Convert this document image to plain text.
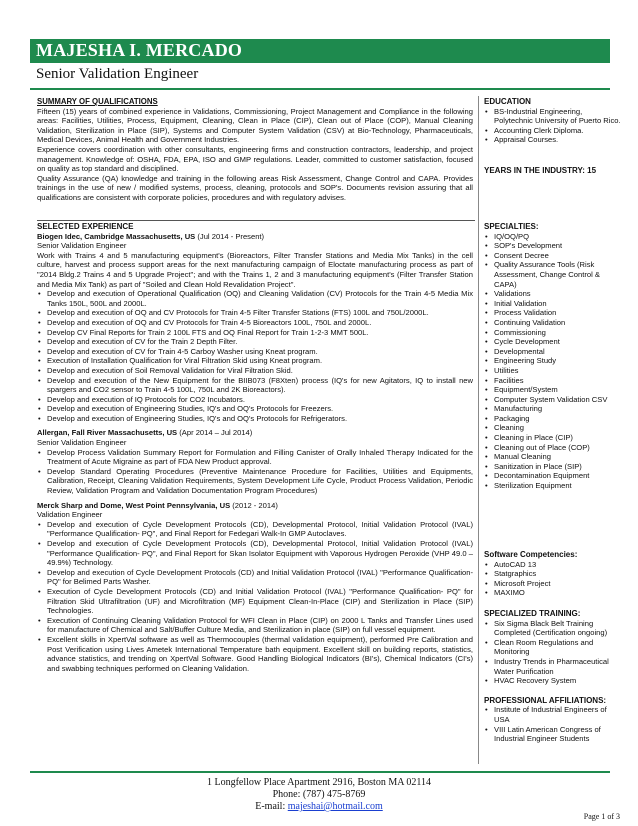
MAJESHA I. MERCADO
Senior Validation Engineer
SUMMARY OF QUALIFICATIONS

Fifteen (15) years of combined experience in Validations, Commissioning, Project Management and Compliance in the following areas: Facilities, Utilities, Process, Equipment, Cleaning, Clean in Place (CIP), Clean out of Place (COP), Manual Cleaning Validation, Sterilization in Place (SIP), Systems and Computer System Validation (CSV) at Bio-Technology, Pharmaceuticals, Medical Devices, Animal Health and Government Industries.

Experience covers coordination with other consultants, engineering firms and construction contractors, leadership, and project management. Knowledge of: OSHA, FDA, EPA, ISO and GMP regulations. Leader, committed to customer satisfaction, focused on quality as top standard and disciplined.

Quality Assurance (QA) knowledge and training in the following areas Risk Assessment, Change Control and CAPA. Provides trainings in the use of new / modified systems, process, cleaning, protocols and SOP's. Documents revision assuring that all qualifications are consistent with corporate policies, procedures and with regulatory advises.

SELECTED EXPERIENCE

Biogen Idec, Cambridge Massachusetts, US (Jul 2014 - Present)

Senior Validation Engineer

Work with Trains 4 and 5 manufacturing equipment's (Bioreactors, Filter Transfer Stations and Media Mix Tanks) in the cell culture, harvest and process support areas for the next manufacturing campaign of Eloctate manufacturing process as part of "2014 Bldg.2 Trains 4 and 5 Upgrade Project"; and with the Trains 1, 2 and 3 manufacturing equipment's (Filter Transfer Station and Media Mix Tank) as part of "Soiled and Clean Hold Revalidation Project".

• Develop and execution of Operational Qualification (OQ) and Cleaning Validation (CV) Protocols for the Train 4-5 Media Mix Tanks 150L, 500L and 2000L.
• Develop and execution of OQ and CV Protocols for Train 4-5 Filter Transfer Stations (FTS) 100L and 750L/2000L.
• Develop and execution of OQ and CV Protocols for Train 4-5 Bioreactors 100L, 750L and 2000L.
• Develop CV Final Reports for Train 2 100L FTS and OQ Final Report for Train 1-2-3 MMT 500L.
• Develop and execution of CV for the Train 2 Depth Filter.
• Develop and execution of CV for Train 4-5 Carboy Washer using Kneat program.
• Execution of Installation Qualification for Viral Filtration Skid using Kneat program.
• Develop and execution of Soil Removal Validation for Viral Filtration Skid.
• Develop and execution of the New Equipment for the BIIB073 (F8Xten) process (IQ's for new Agitators, IQ to install new spargers and CO2 sensor to Train 4-5 100L, 750L and 2K Bioreactors).
• Develop and execution of IQ Protocols for CO2 Incubators.
• Develop and execution of Engineering Studies, IQ's and OQ's Protocols for Freezers.
• Develop and execution of Engineering Studies, IQ's and OQ's Protocols for Refrigerators.

Allergan, Fall River Massachusetts, US (Apr 2014 – Jul 2014)

Senior Validation Engineer

• Develop Process Validation Summary Report for Formulation and Filling Canister of Orally Inhaled Therapy Indicated for the Treatment of Acute Migraine as part of FDA New Product approval.
• Develop Standard Operating Procedures (Preventive Maintenance Procedure for Facilities, Utilities and Equipments, Calibration, Receipt, Cleaning Validation Requirements, System Development Life Cycle, Product Process Validation, Periodic Review, Validation Program and Validation Documentation Program Procedures)

Merck Sharp and Dome, West Point Pennsylvania, US (2012 - 2014)

Validation Engineer

• Develop and execution of Cycle Development Protocols (CD), Developmental Protocol, Initial Validation Protocol (IVAL) "Performance Qualification- PQ", and Final Report for Fedegari Walk-In GMP Autoclaves.
• Develop and execution of Cycle Development Protocols (CD), Developmental Protocol, Initial Validation Protocol (IVAL) "Performance Qualification- PQ", and Final Report for Skan Isolator Equipment with Vaporous Hydrogen Peroxide (VHP 49.0 – 49.9%) Technology.
• Develop and execution of Cycle Development Protocols (CD) and Initial Validation Protocol (IVAL) "Performance Qualification- PQ" for Belimed Parts Washer.
• Execution of Cycle Development Protocols (CD) and Initial Validation Protocol (IVAL) "Performance Qualification- PQ" for Filtration Skid Ultrafiltration (UF) and Microfiltration (MF) Equipment Clean-In-Place (CIP) and Sterilization in Place (SIP) Technologies.
• Execution of Continuing Cleaning Validation Protocol for WFI Clean in Place (CIP) on 2000 L Tanks and Transfer Lines used for manufacture of Chemical and Salt/Buffer Culture Media, and Sterilization in place (SIP) on full vessel equipment.
• Excellent skills in XpertVal software as well as Thermocouples (thermal validation equipment), performed Pre Calibration and Post Verification using Lives Ametek International Temperature bath equipment. Excellent skill on building reports, statistics, advance statistics, and trending on XpertVal Software. Good Handling Biological Indicators (BI's), Chemical Indicators (CI's) and swabbing techniques performed on Cleaning Validation.
EDUCATION
• BS-Industrial Engineering, Polytechnic University of Puerto Rico.
• Accounting Clerk Diploma.
• Appraisal Courses.
YEARS IN THE INDUSTRY: 15
SPECIALTIES:
• IQ/OQ/PQ
• SOP's Development
• Consent Decree
• Quality Assurance Tools (Risk Assessment, Change Control & CAPA)
• Validations
• Initial Validation
• Process Validation
• Continuing Validation
• Commissioning
• Cycle Development
• Developmental
• Engineering Study
• Utilities
• Facilities
• Equipment/System
• Computer System Validation CSV
• Manufacturing
• Packaging
• Cleaning
• Cleaning in Place (CIP)
• Cleaning out of Place (COP)
• Manual Cleaning
• Sanitization in Place (SIP)
• Decontamination Equipment
• Sterilization Equipment
Software Competencies:
• AutoCAD 13
• Statgraphics
• Microsoft Project
• MAXIMO
SPECIALIZED TRAINING:
• Six Sigma Black Belt Training Completed (Certification ongoing)
• Clean Room Regulations and Monitoring
• Industry Trends in Pharmaceutical Water Purification
• HVAC Recovery System
PROFESSIONAL AFFILIATIONS:
• Institute of Industrial Engineers of USA
• VIII Latin American Congress of Industrial Engineer Students
1 Longfellow Place Apartment 2916, Boston MA 02114
Phone: (787) 475-8769
E-mail: majeshai@hotmail.com
Page 1 of 3
